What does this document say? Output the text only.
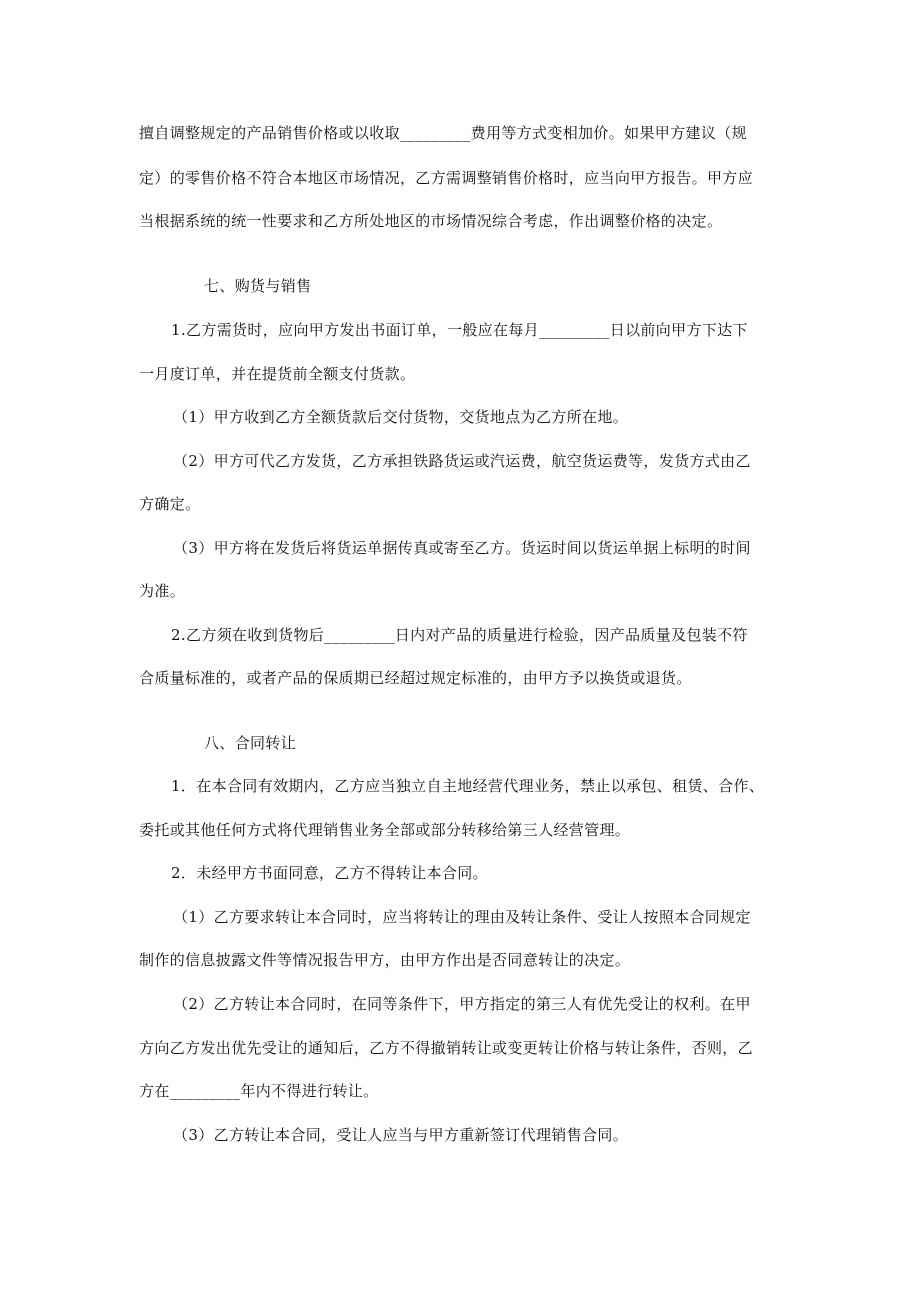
擅自调整规定的产品销售价格或以收取_________费用等方式变相加价。如果甲方建议（规
定）的零售价格不符合本地区市场情况，乙方需调整销售价格时，应当向甲方报告。甲方应
当根据系统的统一性要求和乙方所处地区的市场情况综合考虑，作出调整价格的决定。
七、购货与销售
1.乙方需货时，应向甲方发出书面订单，一般应在每月_________日以前向甲方下达下
一月度订单，并在提货前全额支付货款。
（1）甲方收到乙方全额货款后交付货物，交货地点为乙方所在地。
（2）甲方可代乙方发货，乙方承担铁路货运或汽运费，航空货运费等，发货方式由乙
方确定。
（3）甲方将在发货后将货运单据传真或寄至乙方。货运时间以货运单据上标明的时间
为准。
2.乙方须在收到货物后_________日内对产品的质量进行检验，因产品质量及包装不符
合质量标准的，或者产品的保质期已经超过规定标准的，由甲方予以换货或退货。
八、合同转让
1．在本合同有效期内，乙方应当独立自主地经营代理业务，禁止以承包、租赁、合作、
委托或其他任何方式将代理销售业务全部或部分转移给第三人经营管理。
2．未经甲方书面同意，乙方不得转让本合同。
（1）乙方要求转让本合同时，应当将转让的理由及转让条件、受让人按照本合同规定
制作的信息披露文件等情况报告甲方，由甲方作出是否同意转让的决定。
（2）乙方转让本合同时，在同等条件下，甲方指定的第三人有优先受让的权利。在甲
方向乙方发出优先受让的通知后，乙方不得撤销转让或变更转让价格与转让条件，否则，乙
方在_________年内不得进行转让。
（3）乙方转让本合同，受让人应当与甲方重新签订代理销售合同。
